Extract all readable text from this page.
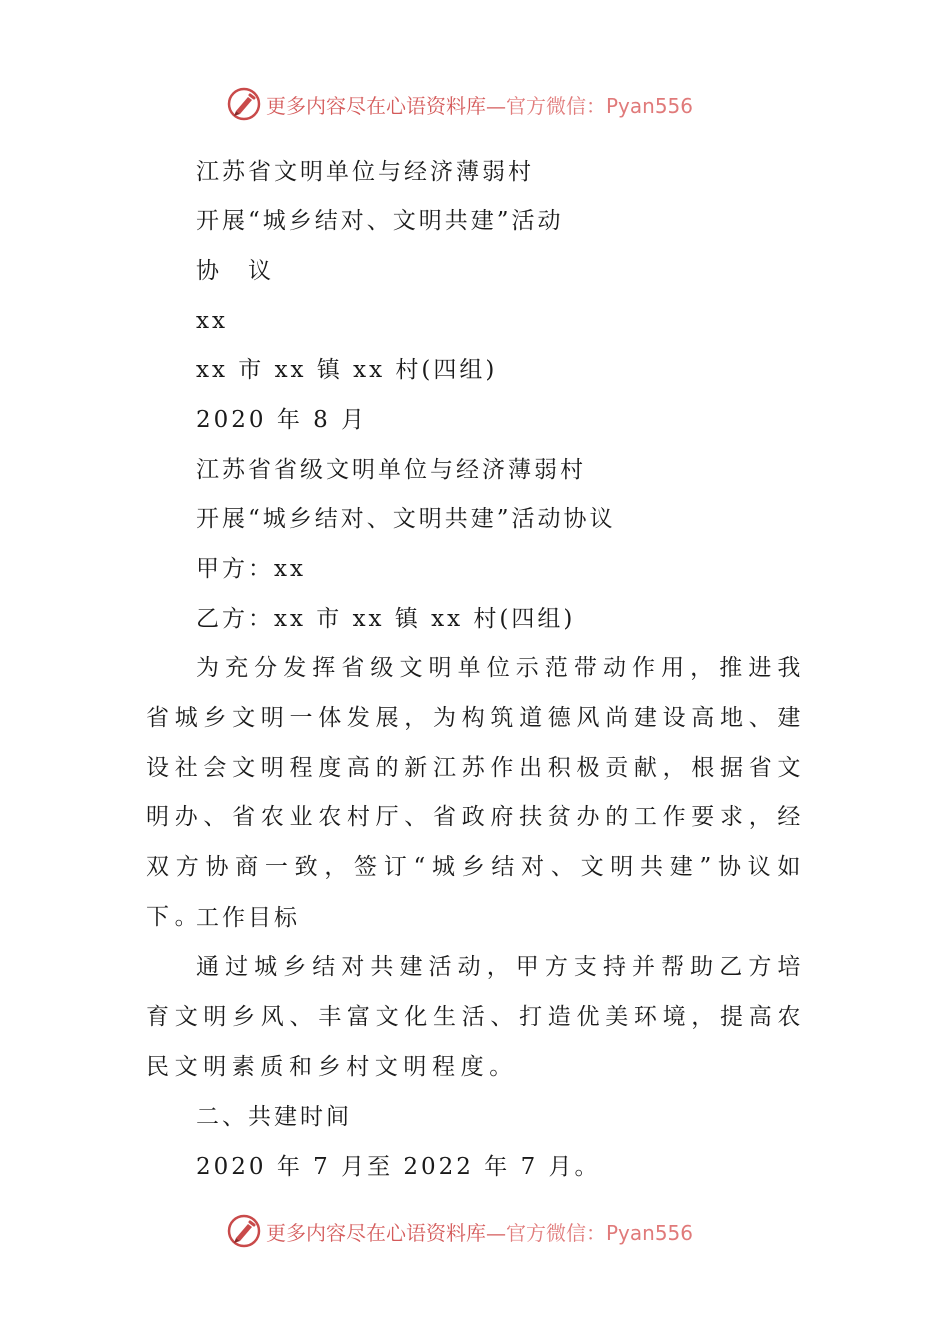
更多内容尽在心语资料库— 官方微信：Pyan556
江苏省文明单位与经济薄弱村
开展“城乡结对、文明共建”活动
协　议
xx
xx 市 xx 镇 xx 村(四组)
2020 年 8 月
江苏省省级文明单位与经济薄弱村
开展“城乡结对、文明共建”活动协议
甲方：xx
乙方：xx 市 xx 镇 xx 村(四组)
为充分发挥省级文明单位示范带动作用，推进我省城乡文明一体发展，为构筑道德风尚建设高地、建设社会文明程度高的新江苏作出积极贡献，根据省文明办、省农业农村厅、省政府扶贫办的工作要求，经双方协商一致，签订“城乡结对、文明共建”协议如下。
工作目标
通过城乡结对共建活动，甲方支持并帮助乙方培育文明乡风、丰富文化生活、打造优美环境，提高农民文明素质和乡村文明程度。
二、共建时间
2020 年 7 月至 2022 年 7 月。
更多内容尽在心语资料库— 官方微信：Pyan556
